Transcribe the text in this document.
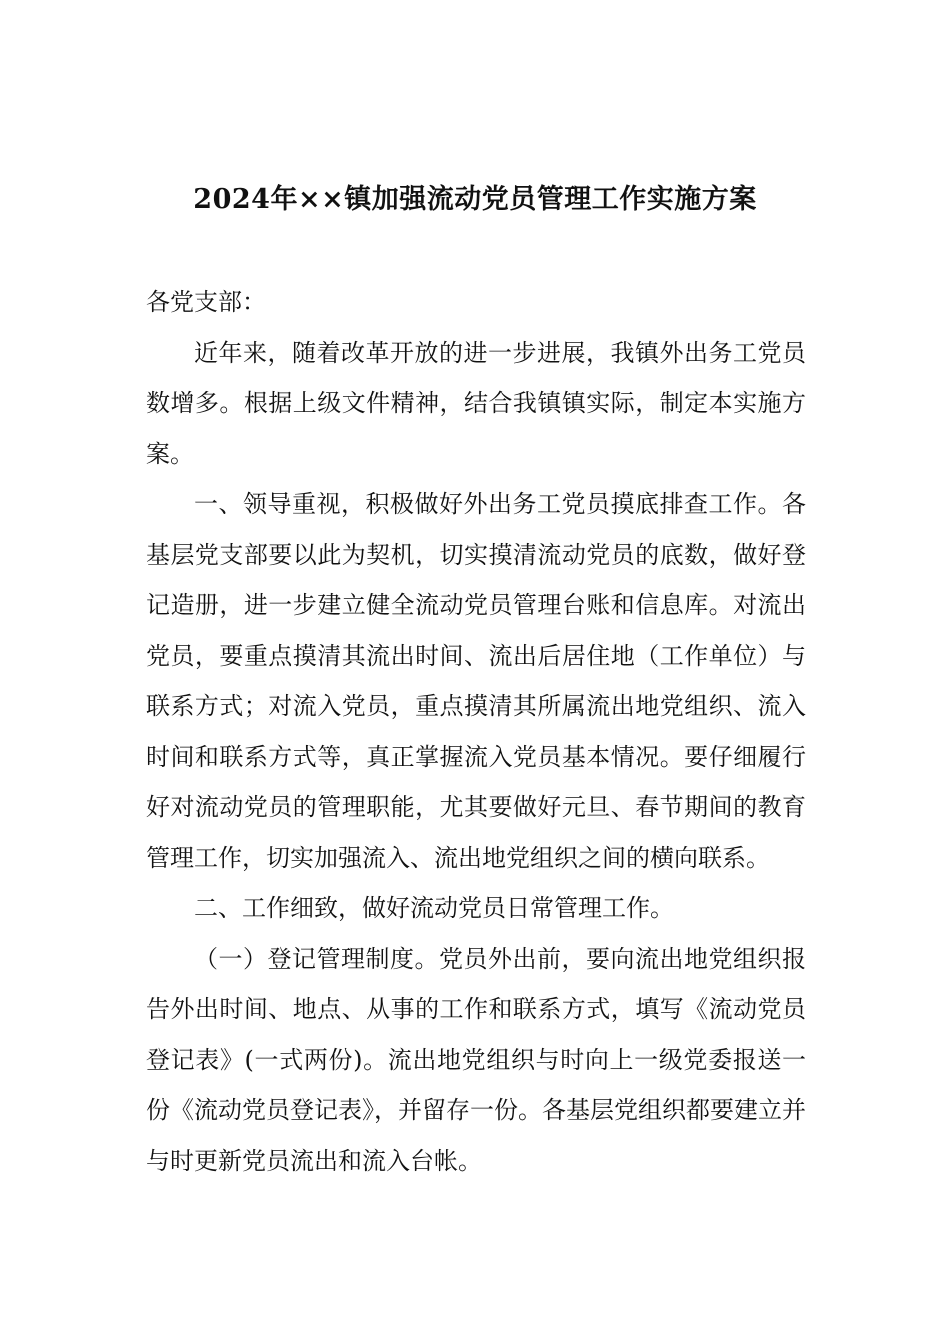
2024年××镇加强流动党员管理工作实施方案

各党支部：

近年来，随着改革开放的进一步进展，我镇外出务工党员数增多。根据上级文件精神，结合我镇镇实际，制定本实施方案。

一、领导重视，积极做好外出务工党员摸底排查工作。各基层党支部要以此为契机，切实摸清流动党员的底数，做好登记造册，进一步建立健全流动党员管理台账和信息库。对流出党员，要重点摸清其流出时间、流出后居住地（工作单位）与联系方式；对流入党员，重点摸清其所属流出地党组织、流入时间和联系方式等，真正掌握流入党员基本情况。要仔细履行好对流动党员的管理职能，尤其要做好元旦、春节期间的教育管理工作，切实加强流入、流出地党组织之间的横向联系。

二、工作细致，做好流动党员日常管理工作。

（一）登记管理制度。党员外出前，要向流出地党组织报告外出时间、地点、从事的工作和联系方式，填写《流动党员登记表》(一式两份)。流出地党组织与时向上一级党委报送一份《流动党员登记表》，并留存一份。各基层党组织都要建立并与时更新党员流出和流入台帐。
